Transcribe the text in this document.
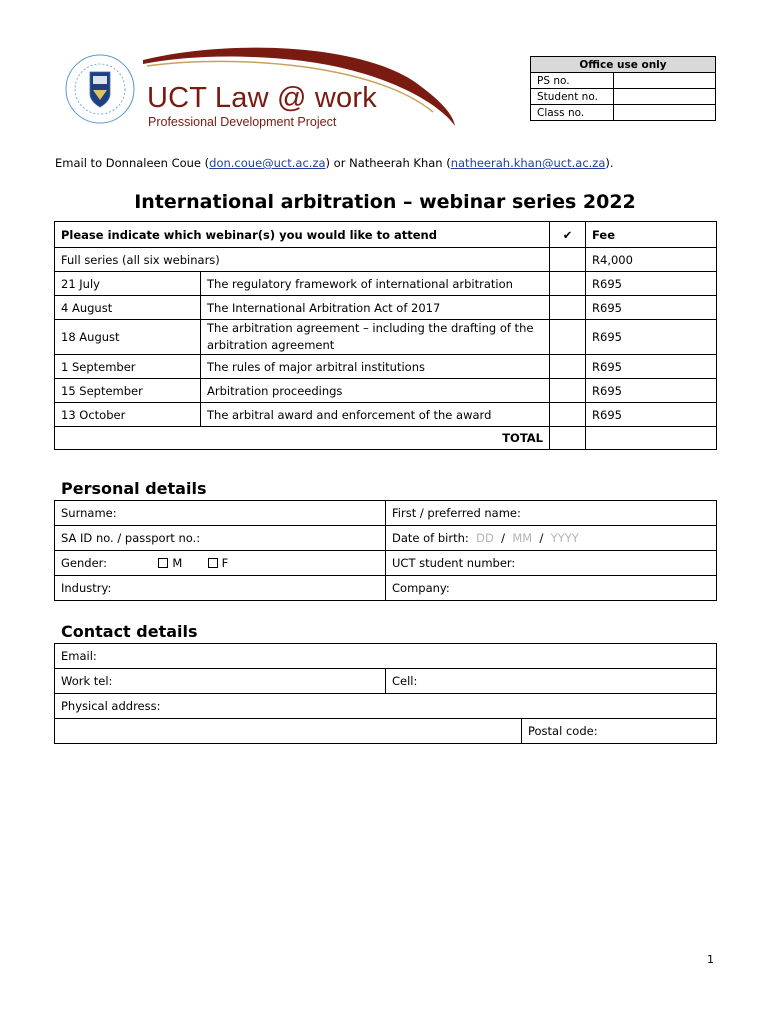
UCT Law @ work
Professional Development Project
Office use only	
PS no.	
Student no.	
Class no.	
Email to Donnaleen Coue (don.coue@uct.ac.za) or Natheerah Khan (natheerah.khan@uct.ac.za).
International arbitration – webinar series 2022
Please indicate which webinar(s) you would like to attend		✔	Fee
Full series (all six webinars)			R4,000
21 July	The regulatory framework of international arbitration		R695
4 August	The International Arbitration Act of 2017		R695
18 August	The arbitration agreement – including the drafting of the arbitration agreement		R695
1 September	The rules of major arbitral institutions		R695
15 September	Arbitration proceedings		R695
13 October	The arbitral award and enforcement of the award		R695
TOTAL			
Personal details
Surname:	First / preferred name:
SA ID no. / passport no.:	Date of birth: DD / MM / YYYY
Gender: M F	UCT student number:
Industry:	Company:
Contact details
Email:		
Work tel:	Cell:	
Physical address:		
		Postal code:
1
